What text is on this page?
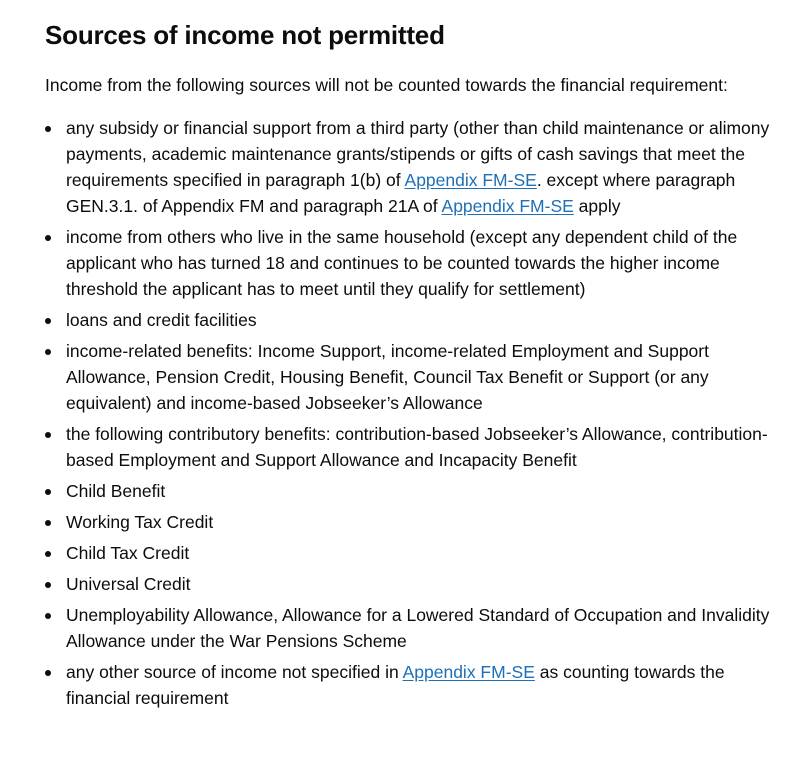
Sources of income not permitted

Income from the following sources will not be counted towards the financial requirement:

any subsidy or financial support from a third party (other than child maintenance or alimony payments, academic maintenance grants/stipends or gifts of cash savings that meet the requirements specified in paragraph 1(b) of Appendix FM-SE. except where paragraph GEN.3.1. of Appendix FM and paragraph 21A of Appendix FM-SE apply
income from others who live in the same household (except any dependent child of the applicant who has turned 18 and continues to be counted towards the higher income threshold the applicant has to meet until they qualify for settlement)
loans and credit facilities
income-related benefits: Income Support, income-related Employment and Support Allowance, Pension Credit, Housing Benefit, Council Tax Benefit or Support (or any equivalent) and income-based Jobseeker’s Allowance
the following contributory benefits: contribution-based Jobseeker’s Allowance, contribution-based Employment and Support Allowance and Incapacity Benefit
Child Benefit
Working Tax Credit
Child Tax Credit
Universal Credit
Unemployability Allowance, Allowance for a Lowered Standard of Occupation and Invalidity Allowance under the War Pensions Scheme
any other source of income not specified in Appendix FM-SE as counting towards the financial requirement
